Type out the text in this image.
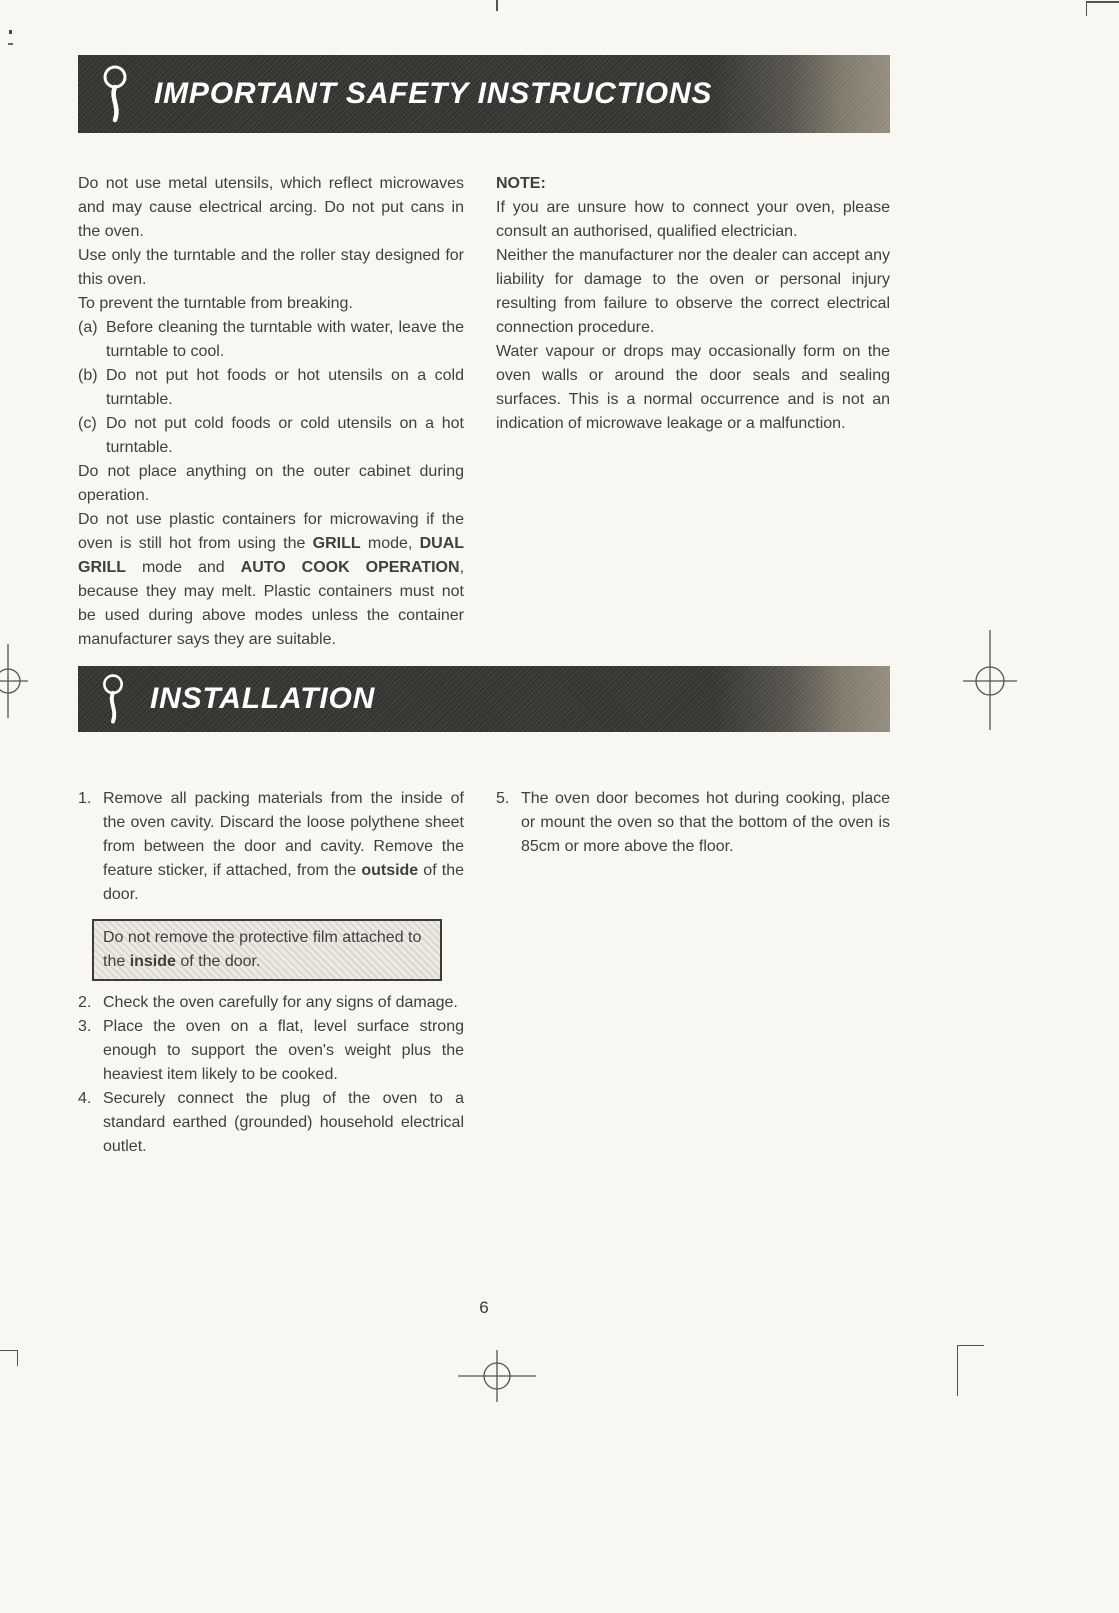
IMPORTANT SAFETY INSTRUCTIONS

Do not use metal utensils, which reflect microwaves and may cause electrical arcing. Do not put cans in the oven.

Use only the turntable and the roller stay designed for this oven.

To prevent the turntable from breaking.

(a) Before cleaning the turntable with water, leave the turntable to cool.

(b) Do not put hot foods or hot utensils on a cold turntable.

(c) Do not put cold foods or cold utensils on a hot turntable.

Do not place anything on the outer cabinet during operation.

Do not use plastic containers for microwaving if the oven is still hot from using the GRILL mode, DUAL GRILL mode and AUTO COOK OPERATION, because they may melt. Plastic containers must not be used during above modes unless the container manufacturer says they are suitable.

NOTE:

If you are unsure how to connect your oven, please consult an authorised, qualified electrician.

Neither the manufacturer nor the dealer can accept any liability for damage to the oven or personal injury resulting from failure to observe the correct electrical connection procedure.

Water vapour or drops may occasionally form on the oven walls or around the door seals and sealing surfaces. This is a normal occurrence and is not an indication of microwave leakage or a malfunction.

INSTALLATION
1. Remove all packing materials from the inside of the oven cavity. Discard the loose polythene sheet from between the door and cavity. Remove the feature sticker, if attached, from the outside of the door.

Do not remove the protective film attached to the inside of the door.

2. Check the oven carefully for any signs of damage.

3. Place the oven on a flat, level surface strong enough to support the oven's weight plus the heaviest item likely to be cooked.

4. Securely connect the plug of the oven to a standard earthed (grounded) household electrical outlet.

5. The oven door becomes hot during cooking, place or mount the oven so that the bottom of the oven is 85cm or more above the floor.

6
